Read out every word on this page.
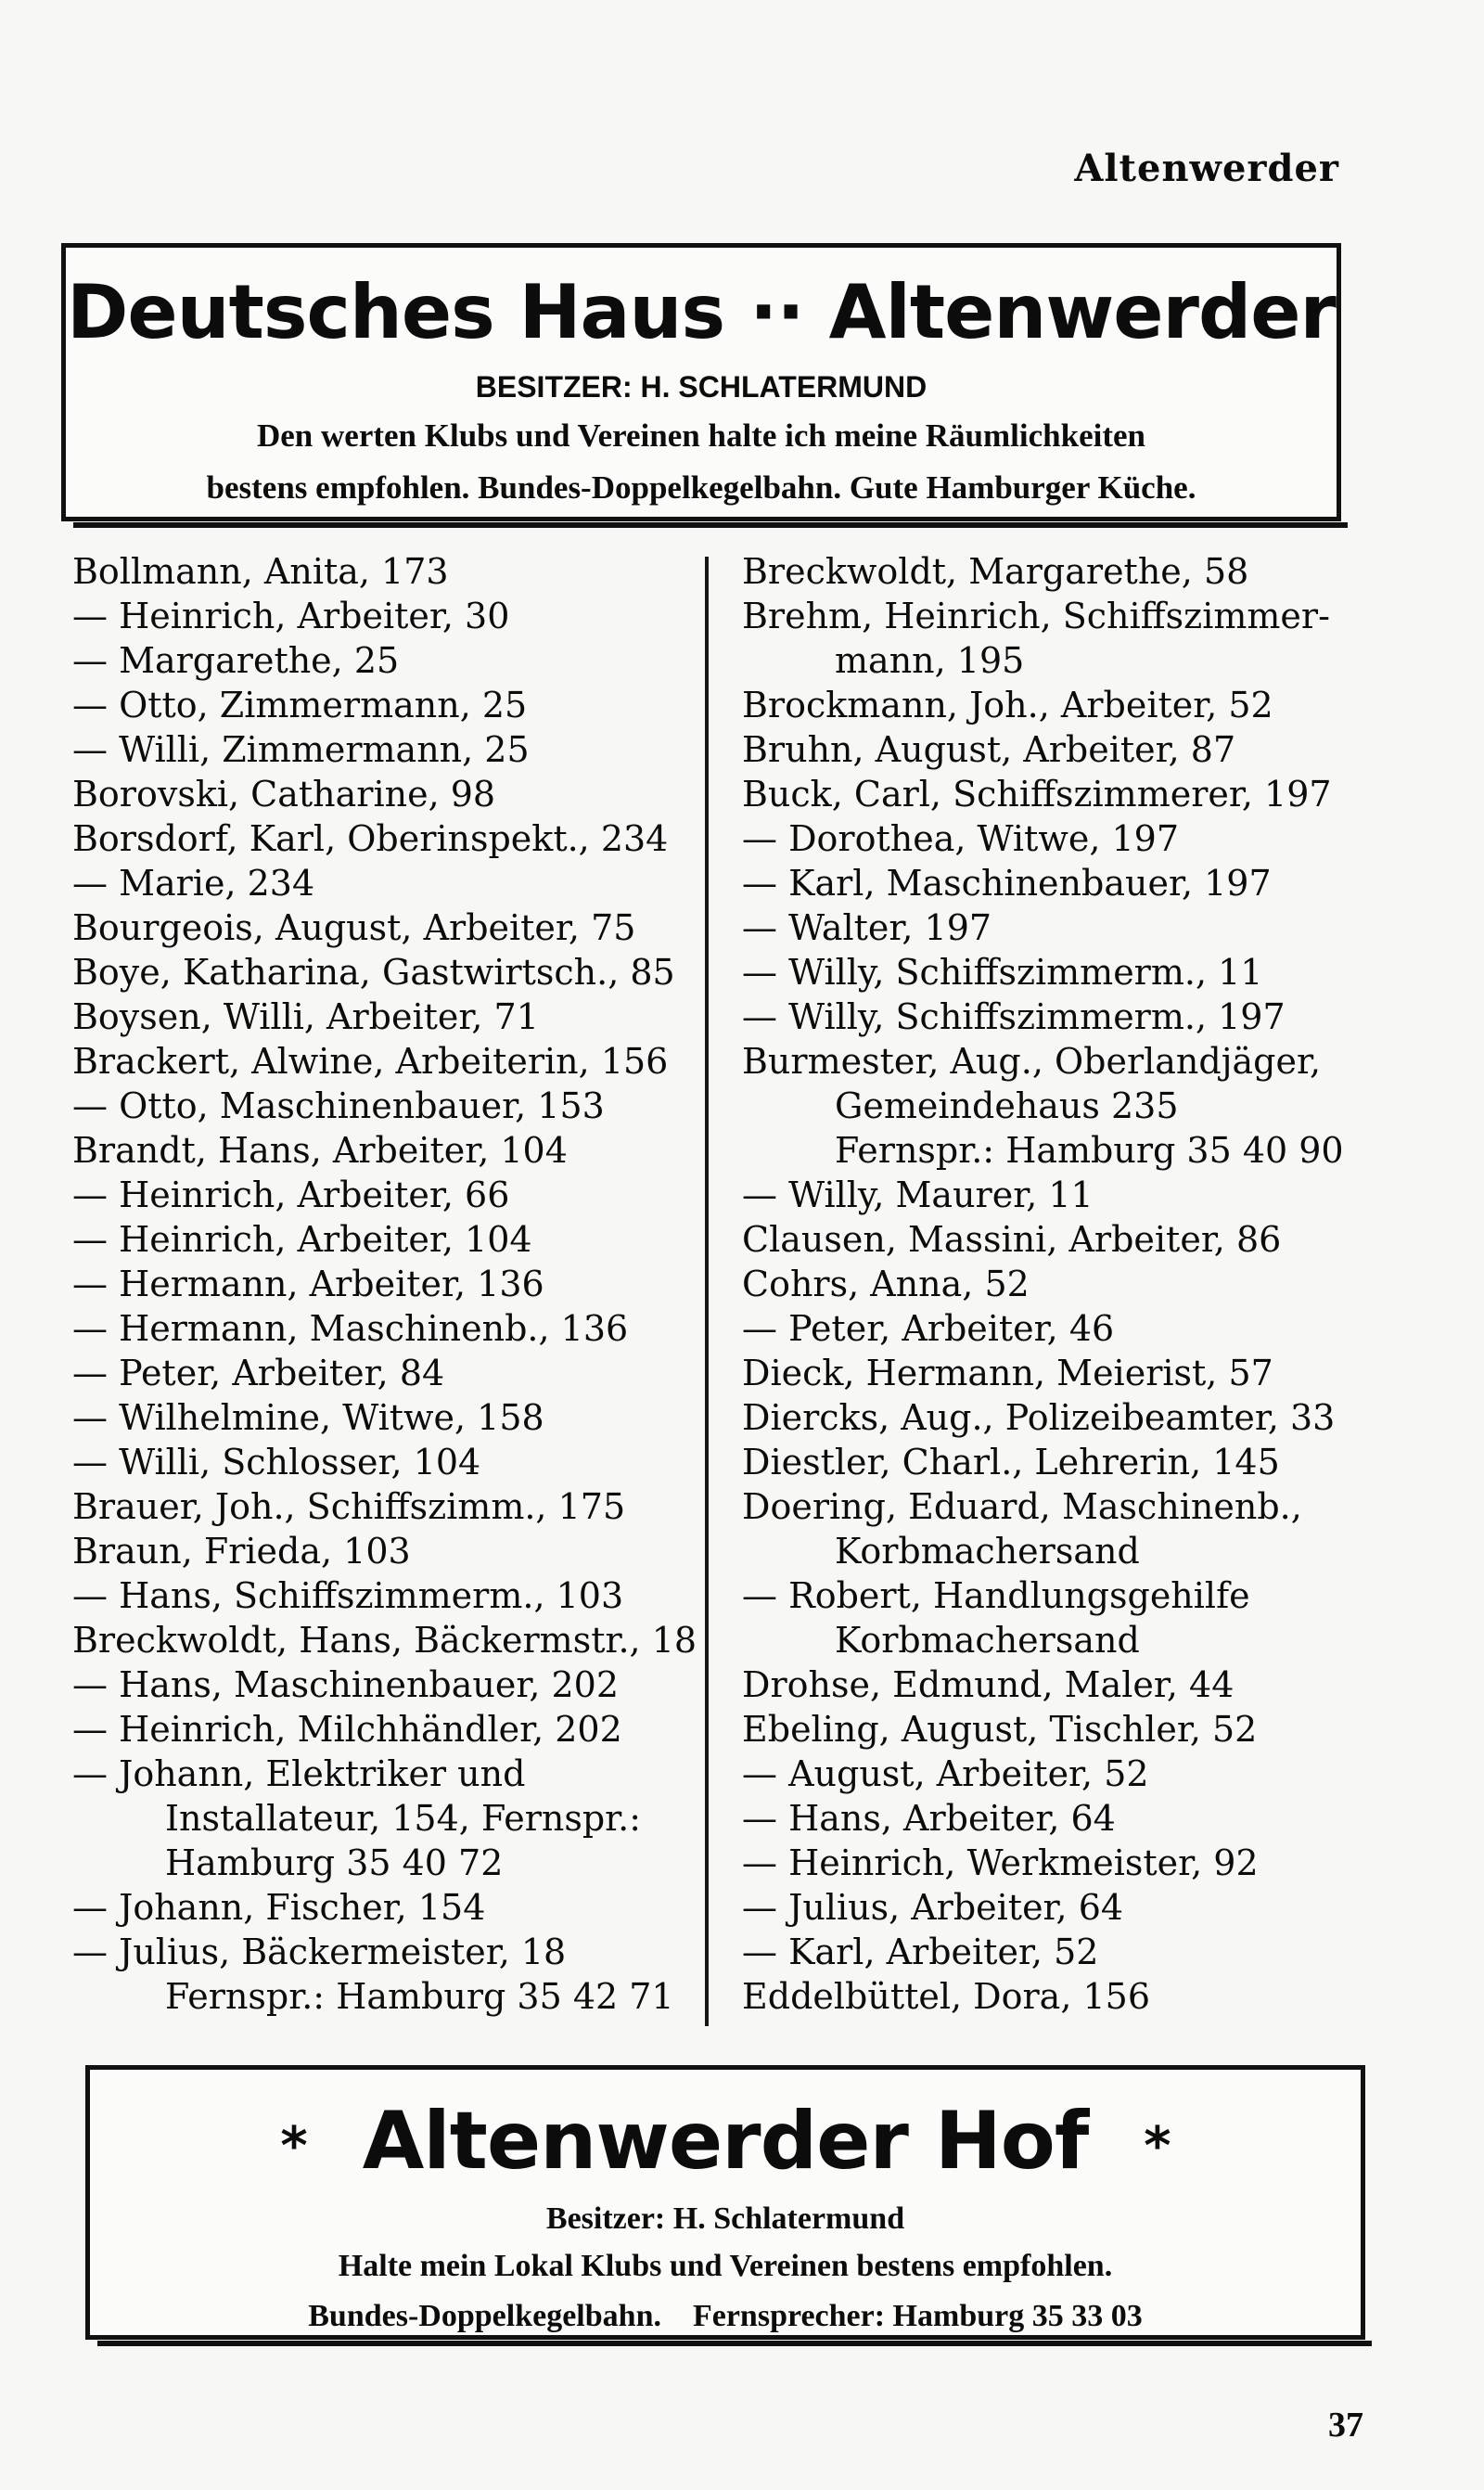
Altenwerder
Deutsches Haus ·· Altenwerder
BESITZER: H. SCHLATERMUND
Den werten Klubs und Vereinen halte ich meine Räumlichkeiten
bestens empfohlen. Bundes-Doppelkegelbahn. Gute Hamburger Küche.
Bollmann, Anita, 173
— Heinrich, Arbeiter, 30
— Margarethe, 25
— Otto, Zimmermann, 25
— Willi, Zimmermann, 25
Borovski, Catharine, 98
Borsdorf, Karl, Oberinspekt., 234
— Marie, 234
Bourgeois, August, Arbeiter, 75
Boye, Katharina, Gastwirtsch., 85
Boysen, Willi, Arbeiter, 71
Brackert, Alwine, Arbeiterin, 156
— Otto, Maschinenbauer, 153
Brandt, Hans, Arbeiter, 104
— Heinrich, Arbeiter, 66
— Heinrich, Arbeiter, 104
— Hermann, Arbeiter, 136
— Hermann, Maschinenb., 136
— Peter, Arbeiter, 84
— Wilhelmine, Witwe, 158
— Willi, Schlosser, 104
Brauer, Joh., Schiffszimm., 175
Braun, Frieda, 103
— Hans, Schiffszimmerm., 103
Breckwoldt, Hans, Bäckermstr., 18
— Hans, Maschinenbauer, 202
— Heinrich, Milchhändler, 202
— Johann, Elektriker und
Installateur, 154, Fernspr.:
Hamburg 35 40 72
— Johann, Fischer, 154
— Julius, Bäckermeister, 18
Fernspr.: Hamburg 35 42 71
Breckwoldt, Margarethe, 58
Brehm, Heinrich, Schiffszimmer-
mann, 195
Brockmann, Joh., Arbeiter, 52
Bruhn, August, Arbeiter, 87
Buck, Carl, Schiffszimmerer, 197
— Dorothea, Witwe, 197
— Karl, Maschinenbauer, 197
— Walter, 197
— Willy, Schiffszimmerm., 11
— Willy, Schiffszimmerm., 197
Burmester, Aug., Oberlandjäger,
Gemeindehaus 235
Fernspr.: Hamburg 35 40 90
— Willy, Maurer, 11
Clausen, Massini, Arbeiter, 86
Cohrs, Anna, 52
— Peter, Arbeiter, 46
Dieck, Hermann, Meierist, 57
Diercks, Aug., Polizeibeamter, 33
Diestler, Charl., Lehrerin, 145
Doering, Eduard, Maschinenb.,
Korbmachersand
— Robert, Handlungsgehilfe
Korbmachersand
Drohse, Edmund, Maler, 44
Ebeling, August, Tischler, 52
— August, Arbeiter, 52
— Hans, Arbeiter, 64
— Heinrich, Werkmeister, 92
— Julius, Arbeiter, 64
— Karl, Arbeiter, 52
Eddelbüttel, Dora, 156
* Altenwerder Hof *
Besitzer: H. Schlatermund
Halte mein Lokal Klubs und Vereinen bestens empfohlen.
Bundes-Doppelkegelbahn.    Fernsprecher: Hamburg 35 33 03
37
